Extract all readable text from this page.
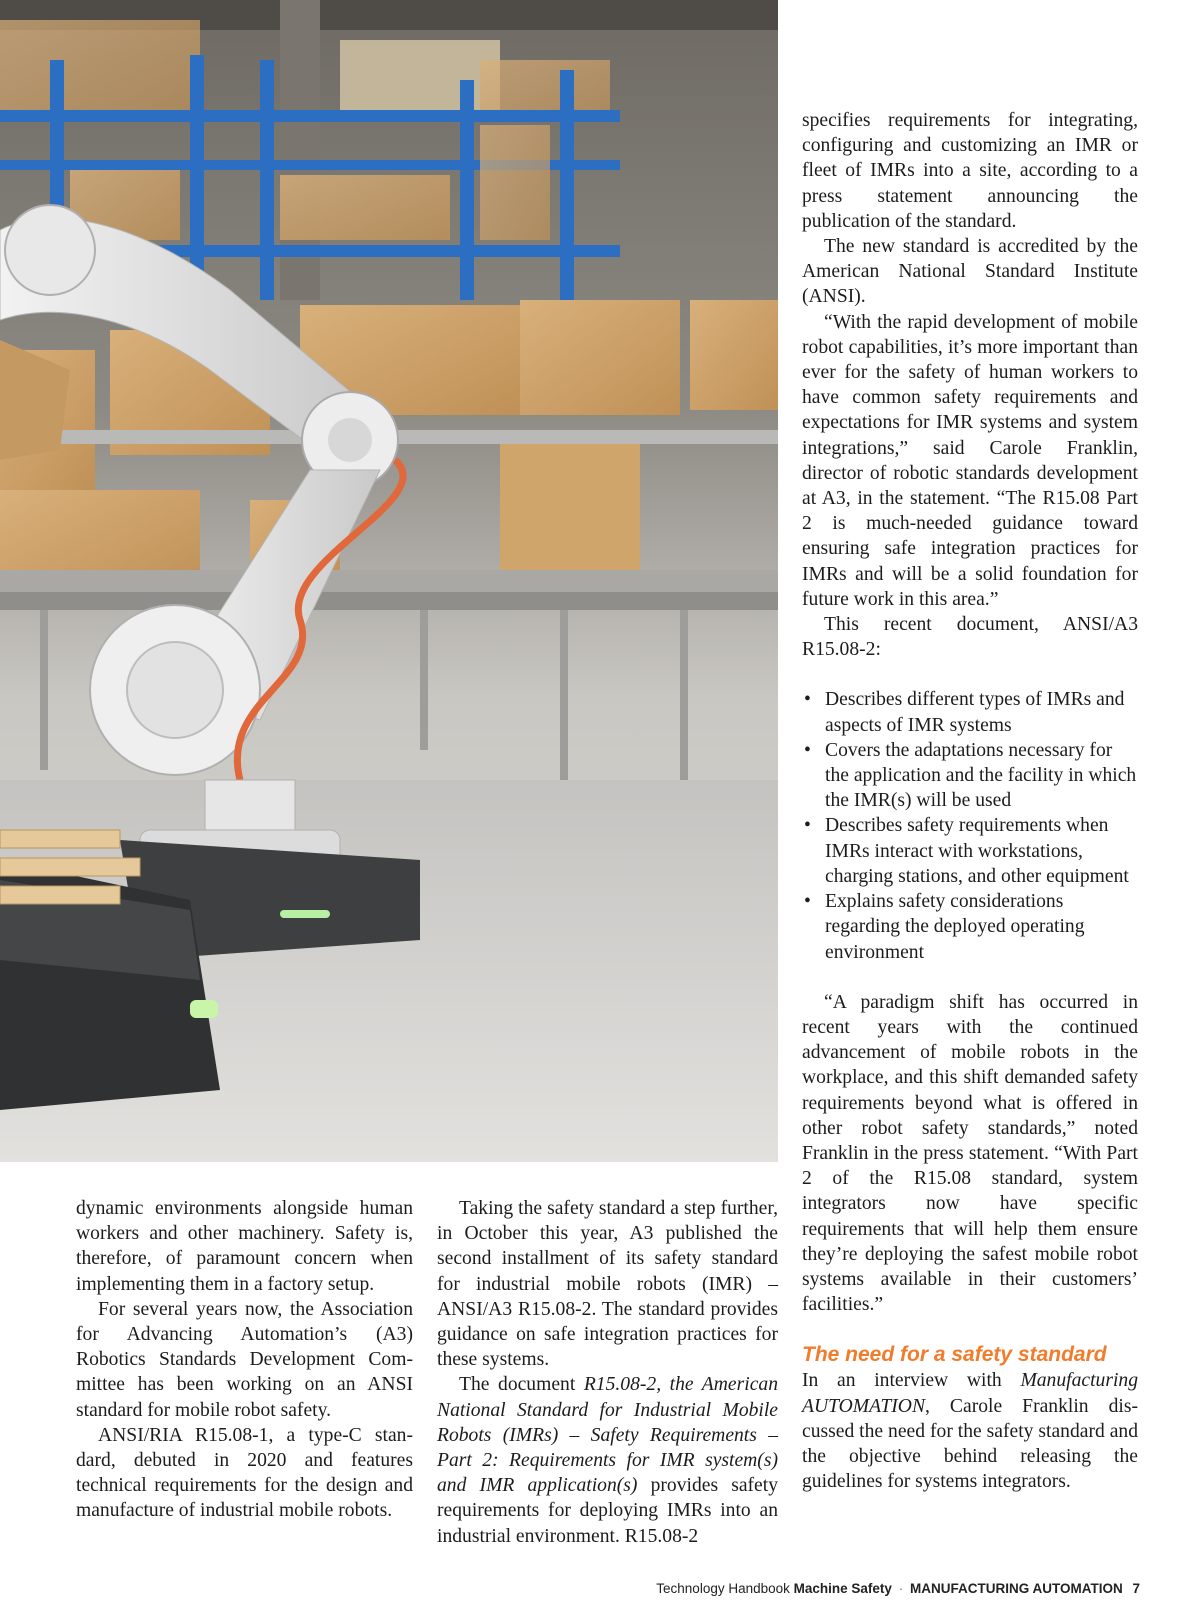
dynamic environments alongside human workers and other machinery. Safety is, therefore, of paramount concern when implementing them in a factory setup.

For several years now, the Association for Advancing Automation’s (A3) Robotics Standards Development Committee has been working on an ANSI standard for mobile robot safety.

ANSI/RIA R15.08-1, a type-C standard, debuted in 2020 and features technical requirements for the design and manufacture of industrial mobile robots.

Taking the safety standard a step further, in October this year, A3 published the second installment of its safety standard for industrial mobile robots (IMR) – ANSI/A3 R15.08-2. The standard provides guidance on safe integration practices for these systems.

The document R15.08-2, the American National Standard for Industrial Mobile Robots (IMRs) – Safety Requirements – Part 2: Requirements for IMR system(s) and IMR application(s) provides safety requirements for deploying IMRs into an industrial environment. R15.08-2

specifies requirements for integrating, configuring and customizing an IMR or fleet of IMRs into a site, according to a press statement announcing the publication of the standard.

The new standard is accredited by the American National Standard Institute (ANSI).

“With the rapid development of mobile robot capabilities, it’s more important than ever for the safety of human workers to have common safety requirements and expectations for IMR systems and system integrations,” said Carole Franklin, director of robotic standards development at A3, in the statement. “The R15.08 Part 2 is much-needed guidance toward ensuring safe integration practices for IMRs and will be a solid foundation for future work in this area.”

This recent document, ANSI/A3 R15.08-2:

• Describes different types of IMRs and aspects of IMR systems
• Covers the adaptations necessary for the application and the facility in which the IMR(s) will be used
• Describes safety requirements when IMRs interact with workstations, charging stations, and other equipment
• Explains safety considerations regarding the deployed operating environment

“A paradigm shift has occurred in recent years with the continued advancement of mobile robots in the workplace, and this shift demanded safety requirements beyond what is offered in other robot safety standards,” noted Franklin in the press statement. “With Part 2 of the R15.08 standard, system integrators now have specific requirements that will help them ensure they’re deploying the safest mobile robot systems available in their customers’ facilities.”

The need for a safety standard

In an interview with Manufacturing AUTOMATION, Carole Franklin discussed the need for the safety standard and the objective behind releasing the guidelines for systems integrators.

Technology Handbook Machine Safety · MANUFACTURING AUTOMATION 7
